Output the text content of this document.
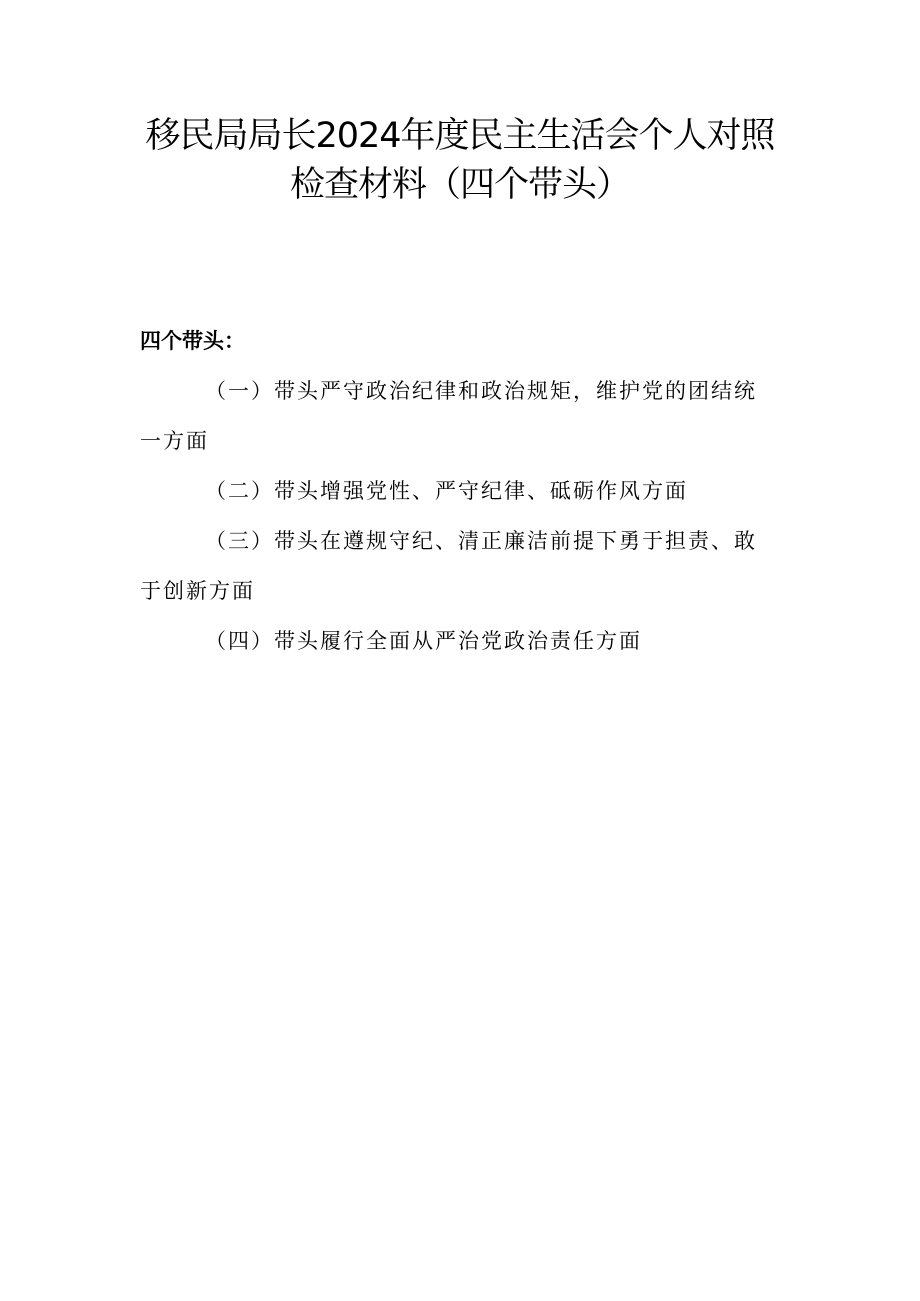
移民局局长2024年度民主生活会个人对照
检查材料（四个带头）
四个带头：

（一）带头严守政治纪律和政治规矩，维护党的团结统一方面

（二）带头增强党性、严守纪律、砥砺作风方面

（三）带头在遵规守纪、清正廉洁前提下勇于担责、敢于创新方面

（四）带头履行全面从严治党政治责任方面
